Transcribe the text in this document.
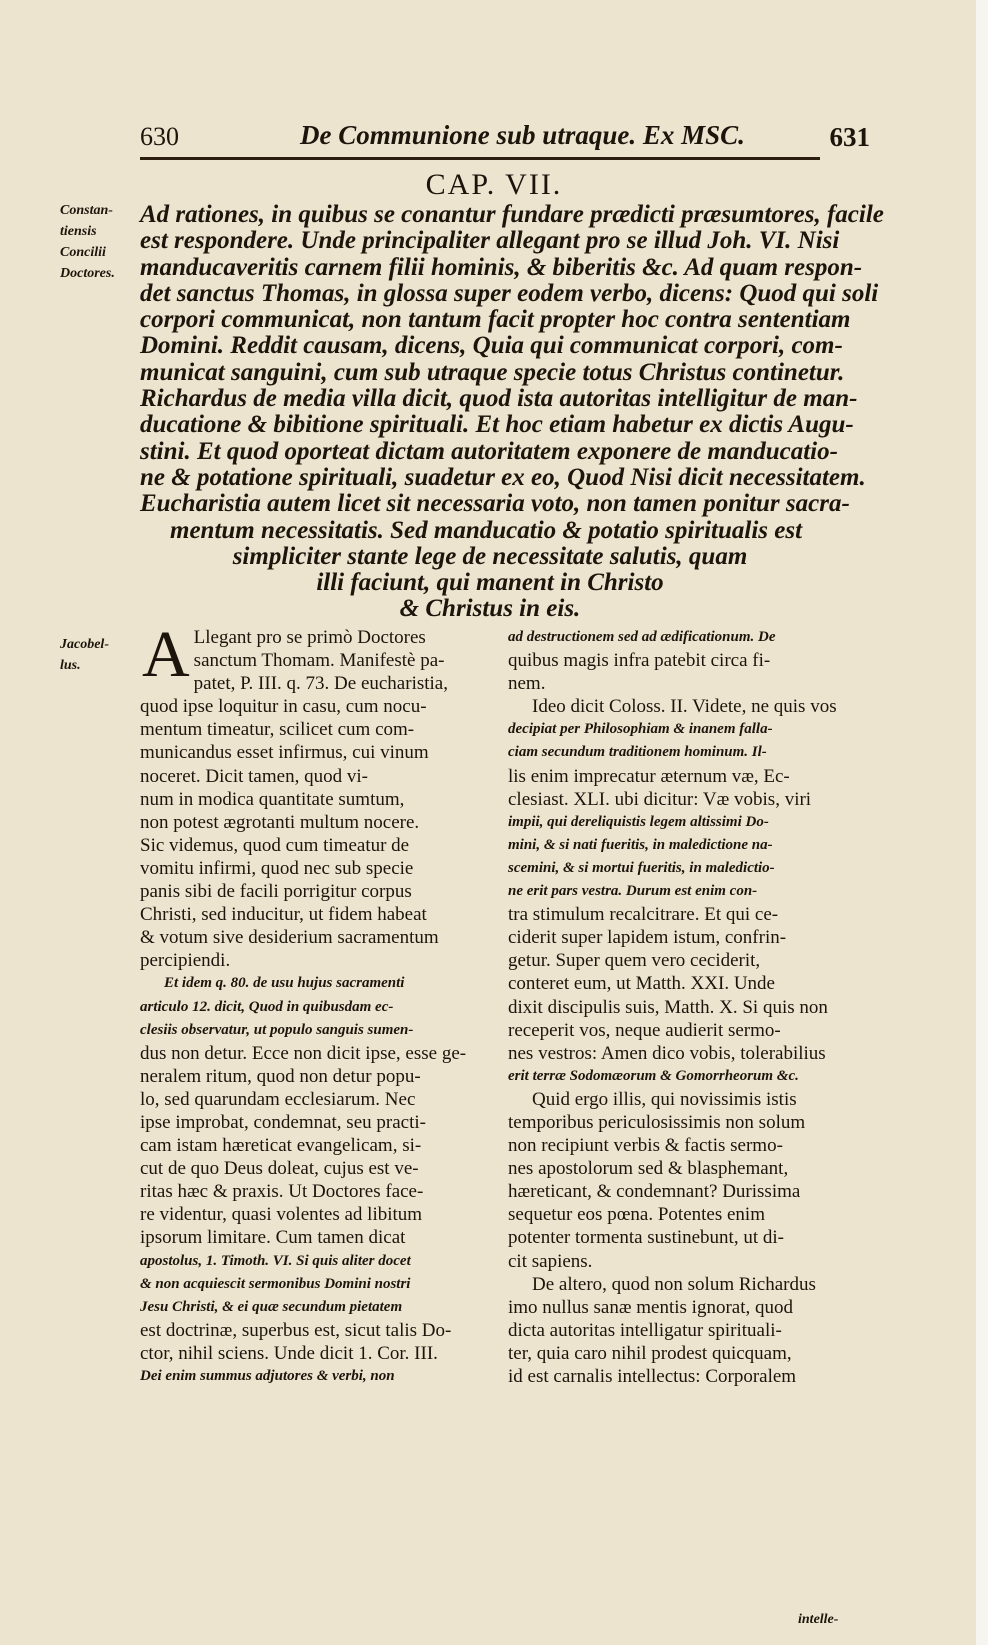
630	De Communione sub utraque. Ex MSC.	631
CAP. VII.
Constan-
tiensis
Concilii
Doctores.
Jacobel-
lus.
Ad rationes, in quibus se conantur fundare prædicti præsumtores, facile
est respondere. Unde principaliter allegant pro se illud Joh. VI. Nisi
manducaveritis carnem filii hominis, & biberitis &c. Ad quam respon-
det sanctus Thomas, in glossa super eodem verbo, dicens: Quod qui soli
corpori communicat, non tantum facit propter hoc contra sententiam
Domini. Reddit causam, dicens, Quia qui communicat corpori, com-
municat sanguini, cum sub utraque specie totus Christus continetur.
Richardus de media villa dicit, quod ista autoritas intelligitur de man-
ducatione & bibitione spirituali. Et hoc etiam habetur ex dictis Augu-
stini. Et quod oporteat dictam autoritatem exponere de manducatio-
ne & potatione spirituali, suadetur ex eo, Quod Nisi dicit necessitatem.
Eucharistia autem licet sit necessaria voto, non tamen ponitur sacra-
mentum necessitatis. Sed manducatio & potatio spiritualis est
simpliciter stante lege de necessitate salutis, quam
illi faciunt, qui manent in Christo
& Christus in eis.
A Llegant pro se primò Doctores
sanctum Thomam. Manifestè pa-
patet, P. III. q. 73. De eucharistia,
quod ipse loquitur in casu, cum nocu-
mentum timeatur, scilicet cum com-
municandus esset infirmus, cui vinum
noceret. Dicit tamen, quod vi-
num in modica quantitate sumtum,
non potest ægrotanti multum nocere.
Sic videmus, quod cum timeatur de
vomitu infirmi, quod nec sub specie
panis sibi de facili porrigitur corpus
Christi, sed inducitur, ut fidem habeat
& votum sive desiderium sacramentum
percipiendi.
Et idem q. 80. de usu hujus sacramenti
articulo 12. dicit, Quod in quibusdam ec-
clesiis observatur, ut populo sanguis sumen-
dus non detur. Ecce non dicit ipse, esse ge-
neralem ritum, quod non detur popu-
lo, sed quarundam ecclesiarum. Nec
ipse improbat, condemnat, seu practi-
cam istam hæreticat evangelicam, si-
cut de quo Deus doleat, cujus est ve-
ritas hæc & praxis. Ut Doctores face-
re videntur, quasi volentes ad libitum
ipsorum limitare. Cum tamen dicat
apostolus, 1. Timoth. VI. Si quis aliter docet
& non acquiescit sermonibus Domini nostri
Jesu Christi, & ei quæ secundum pietatem
est doctrinæ, superbus est, sicut talis Do-
ctor, nihil sciens. Unde dicit 1. Cor. III.
Dei enim summus adjutores & verbi, non
ad destructionem sed ad ædificationum. De
quibus magis infra patebit circa fi-
nem.
Ideo dicit Coloss. II. Videte, ne quis vos
decipiat per Philosophiam & inanem falla-
ciam secundum traditionem hominum. Il-
lis enim imprecatur æternum væ, Ec-
clesiast. XLI. ubi dicitur: Væ vobis, viri
impii, qui dereliquistis legem altissimi Do-
mini, & si nati fueritis, in maledictione na-
scemini, & si mortui fueritis, in maledictio-
ne erit pars vestra. Durum est enim con-
tra stimulum recalcitrare. Et qui ce-
ciderit super lapidem istum, confrin-
getur. Super quem vero ceciderit,
conteret eum, ut Matth. XXI. Unde
dixit discipulis suis, Matth. X. Si quis non
receperit vos, neque audierit sermo-
nes vestros: Amen dico vobis, tolerabilius
erit terræ Sodomæorum & Gomorrheorum &c.
Quid ergo illis, qui novissimis istis
temporibus periculosissimis non solum
non recipiunt verbis & factis sermo-
nes apostolorum sed & blasphemant,
hæreticant, & condemnant? Durissima
sequetur eos pœna. Potentes enim
potenter tormenta sustinebunt, ut di-
cit sapiens.
De altero, quod non solum Richardus
imo nullus sanæ mentis ignorat, quod
dicta autoritas intelligatur spirituali-
ter, quia caro nihil prodest quicquam,
id est carnalis intellectus: Corporalem
intelle-
